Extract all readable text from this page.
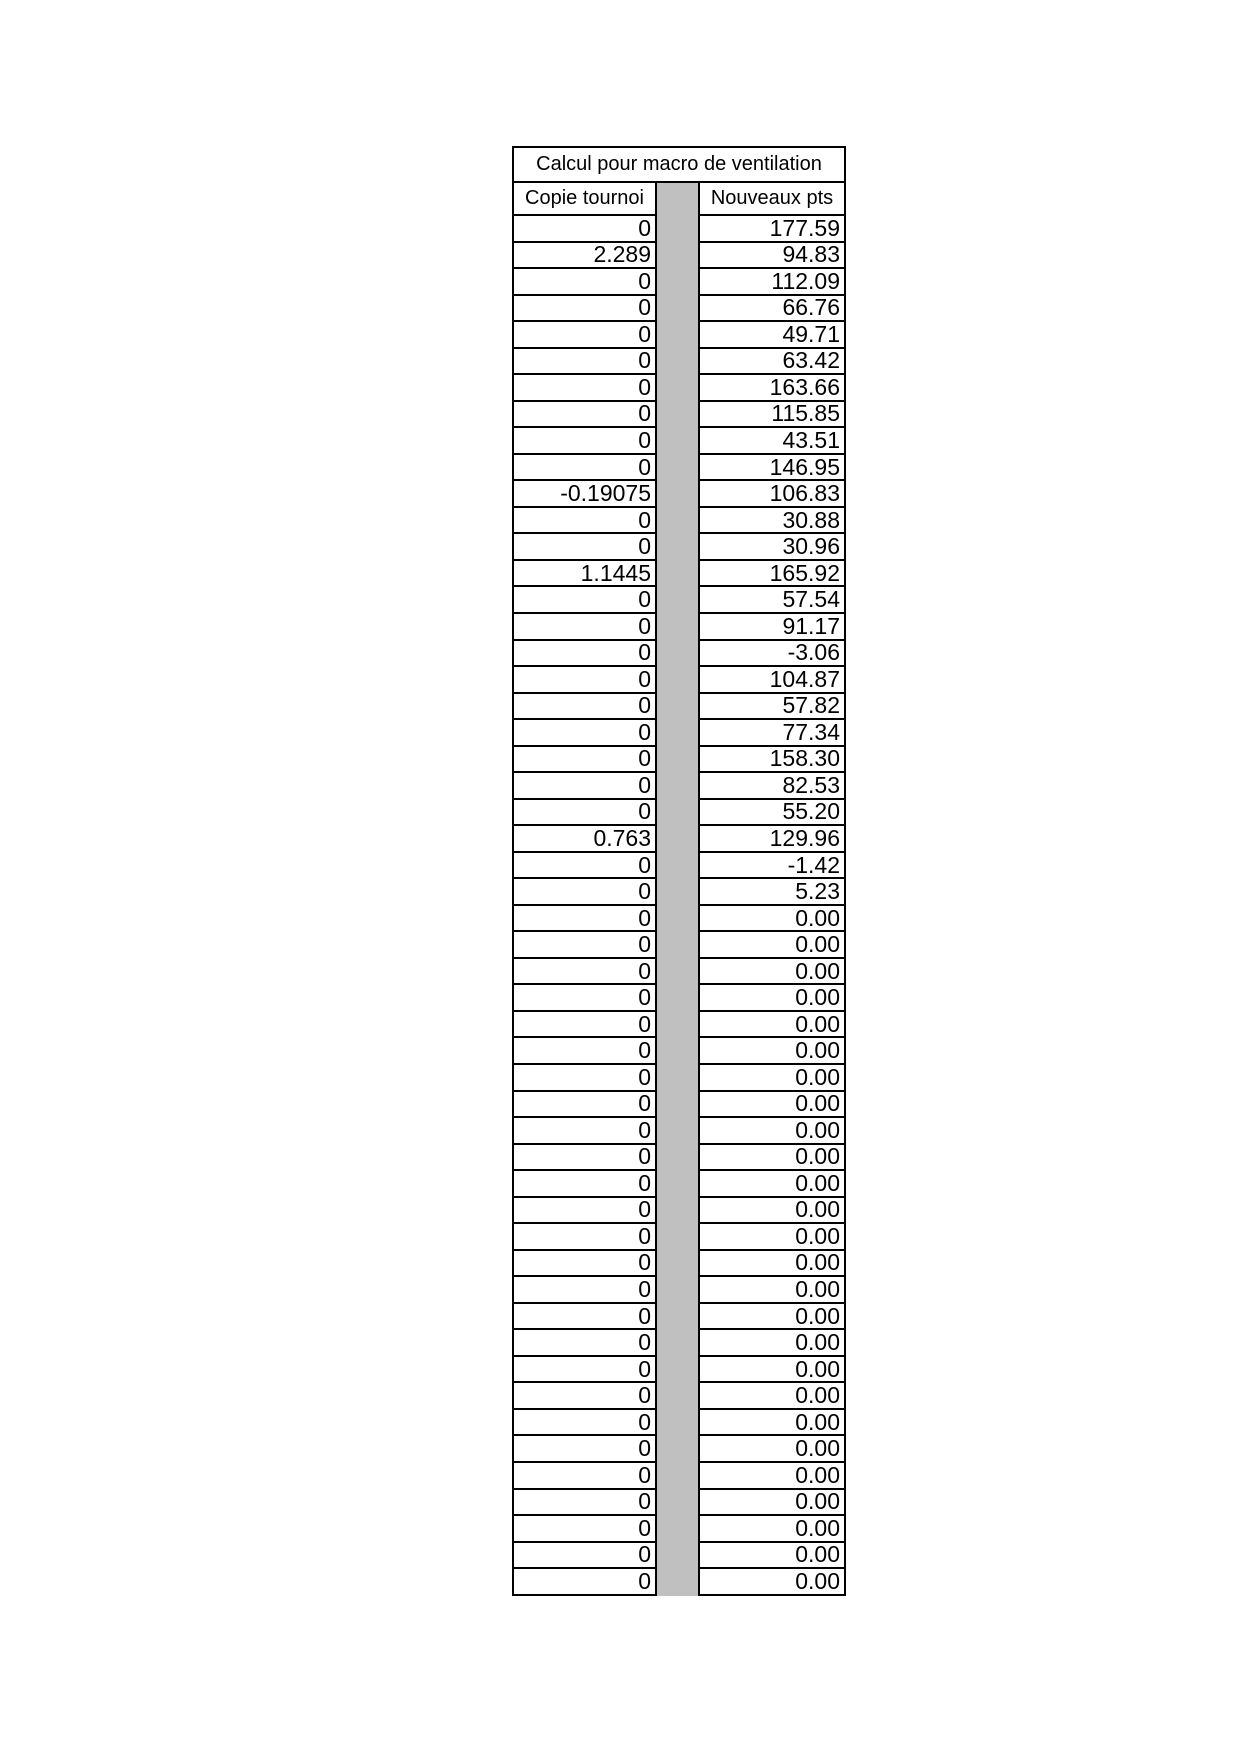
Calcul pour macro de ventilation
Copie tournoi
0
2.289
0
0
0
0
0
0
0
0
-0.19075
0
0
1.1445
0
0
0
0
0
0
0
0
0
0.763
0
0
0
0
0
0
0
0
0
0
0
0
0
0
0
0
0
0
0
0
0
0
0
0
0
0
0
0
Nouveaux pts
177.59
94.83
112.09
66.76
49.71
63.42
163.66
115.85
43.51
146.95
106.83
30.88
30.96
165.92
57.54
91.17
-3.06
104.87
57.82
77.34
158.30
82.53
55.20
129.96
-1.42
5.23
0.00
0.00
0.00
0.00
0.00
0.00
0.00
0.00
0.00
0.00
0.00
0.00
0.00
0.00
0.00
0.00
0.00
0.00
0.00
0.00
0.00
0.00
0.00
0.00
0.00
0.00
